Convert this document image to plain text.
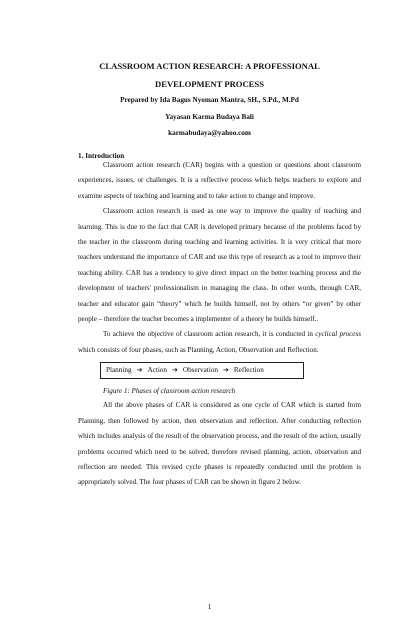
CLASSROOM ACTION RESEARCH: A PROFESSIONAL
DEVELOPMENT PROCESS
Prepared by Ida Bagus Nyoman Mantra, SH., S.Pd., M.Pd
Yayasan Karma Budaya Bali
karmabudaya@yahoo.com
1. Introduction

Classroom action research (CAR) begins with a question or questions about classroom experiences, issues, or challenges. It is a reflective process which helps teachers to explore and examine aspects of teaching and learning and to take action to change and improve.

Classroom action research is used as one way to improve the quality of teaching and learning. This is due to the fact that CAR is developed primary because of the problems faced by the teacher in the classroom during teaching and learning activities. It is very critical that more teachers understand the importance of CAR and use this type of research as a tool to improve their teaching ability. CAR has a tendency to give direct impact on the better teaching process and the development of teachers' professionalism in managing the class. In other words, through CAR, teacher and educator gain “theory” which he builds himself, not by others “or given” by other people – therefore the teacher becomes a implementer of a theory he builds himself..

To achieve the objective of classroom action research, it is conducted in cyclical process which consists of four phases, such as Planning, Action, Observation and Reflection.

Planning ➔ Action ➔ Observation ➔ Reflection
Figure 1: Phases of classroom action research

All the above phases of CAR is considered as one cycle of CAR which is started from Planning, then followed by action, then observation and reflection. After conducting reflection which includes analysis of the result of the observation process, and the result of the action, usually problems occurred which need to be solved, therefore revised planning, action, observation and reflection are needed. This revised cycle phases is repeatedly conducted until the problem is appropriately solved. The four phases of CAR can be shown in figure 2 below.

1
